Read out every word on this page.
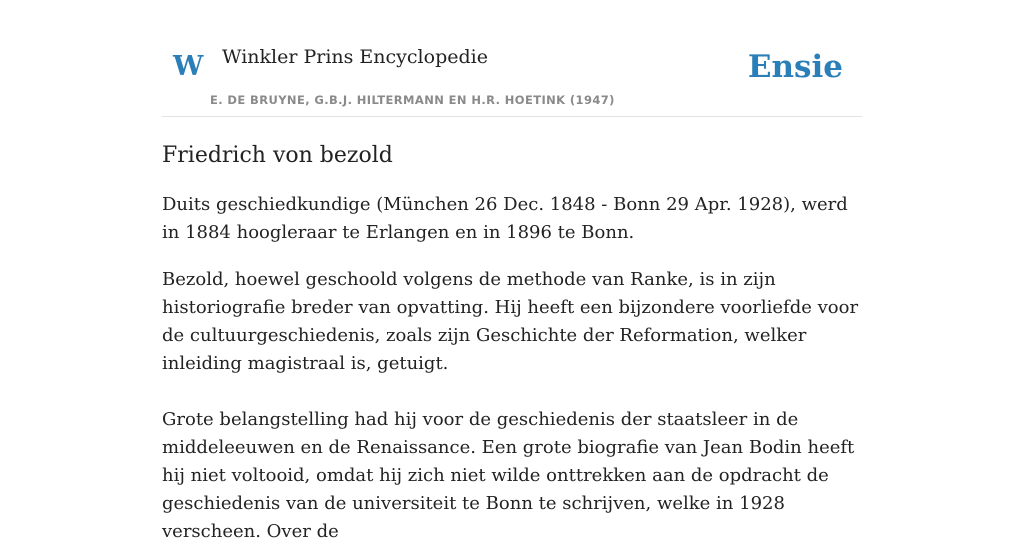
W Winkler Prins Encyclopedie	Ensie
E. DE BRUYNE, G.B.J. HILTERMANN EN H.R. HOETINK (1947)
Friedrich von bezold

Duits geschiedkundige (München 26 Dec. 1848 - Bonn 29 Apr. 1928), werd in 1884 hoogleraar te Erlangen en in 1896 te Bonn.

Bezold, hoewel geschoold volgens de methode van Ranke, is in zijn historiografie breder van opvatting. Hij heeft een bijzondere voorliefde voor de cultuurgeschiedenis, zoals zijn Geschichte der Reformation, welker inleiding magistraal is, getuigt.

Grote belangstelling had hij voor de geschiedenis der staatsleer in de middeleeuwen en de Renaissance. Een grote biografie van Jean Bodin heeft hij niet voltooid, omdat hij zich niet wilde onttrekken aan de opdracht de geschiedenis van de universiteit te Bonn te schrijven, welke in 1928 verscheen. Over de
